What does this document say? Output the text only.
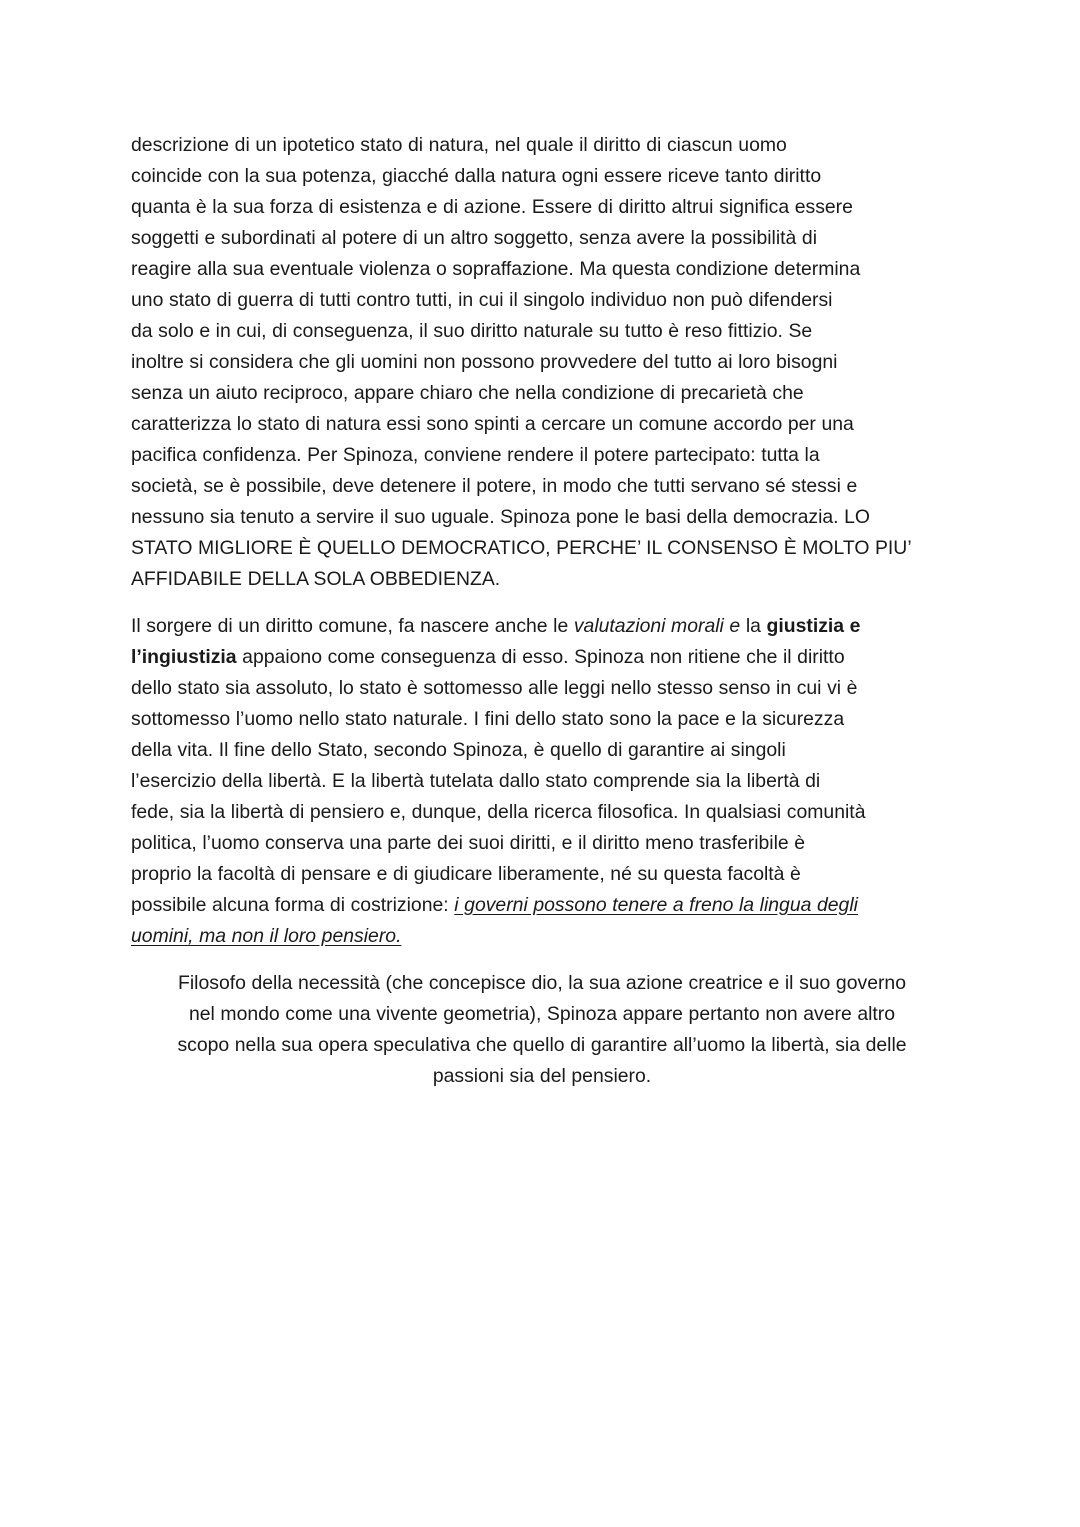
descrizione di un ipotetico stato di natura, nel quale il diritto di ciascun uomo
coincide con la sua potenza, giacché dalla natura ogni essere riceve tanto diritto
quanta è la sua forza di esistenza e di azione. Essere di diritto altrui significa essere
soggetti e subordinati al potere di un altro soggetto, senza avere la possibilità di
reagire alla sua eventuale violenza o sopraffazione. Ma questa condizione determina
uno stato di guerra di tutti contro tutti, in cui il singolo individuo non può difendersi
da solo e in cui, di conseguenza, il suo diritto naturale su tutto è reso fittizio. Se
inoltre si considera che gli uomini non possono provvedere del tutto ai loro bisogni
senza un aiuto reciproco, appare chiaro che nella condizione di precarietà che
caratterizza lo stato di natura essi sono spinti a cercare un comune accordo per una
pacifica confidenza. Per Spinoza, conviene rendere il potere partecipato: tutta la
società, se è possibile, deve detenere il potere, in modo che tutti servano sé stessi e
nessuno sia tenuto a servire il suo uguale. Spinoza pone le basi della democrazia. LO
STATO MIGLIORE È QUELLO DEMOCRATICO, PERCHE’ IL CONSENSO È MOLTO PIU’
AFFIDABILE DELLA SOLA OBBEDIENZA.

Il sorgere di un diritto comune, fa nascere anche le valutazioni morali e la giustizia e
l’ingiustizia appaiono come conseguenza di esso. Spinoza non ritiene che il diritto
dello stato sia assoluto, lo stato è sottomesso alle leggi nello stesso senso in cui vi è
sottomesso l’uomo nello stato naturale. I fini dello stato sono la pace e la sicurezza
della vita. Il fine dello Stato, secondo Spinoza, è quello di garantire ai singoli
l’esercizio della libertà. E la libertà tutelata dallo stato comprende sia la libertà di
fede, sia la libertà di pensiero e, dunque, della ricerca filosofica. In qualsiasi comunità
politica, l’uomo conserva una parte dei suoi diritti, e il diritto meno trasferibile è
proprio la facoltà di pensare e di giudicare liberamente, né su questa facoltà è
possibile alcuna forma di costrizione: i governi possono tenere a freno la lingua degli
uomini, ma non il loro pensiero.

Filosofo della necessità (che concepisce dio, la sua azione creatrice e il suo governo
nel mondo come una vivente geometria), Spinoza appare pertanto non avere altro
scopo nella sua opera speculativa che quello di garantire all’uomo la libertà, sia delle
passioni sia del pensiero.
